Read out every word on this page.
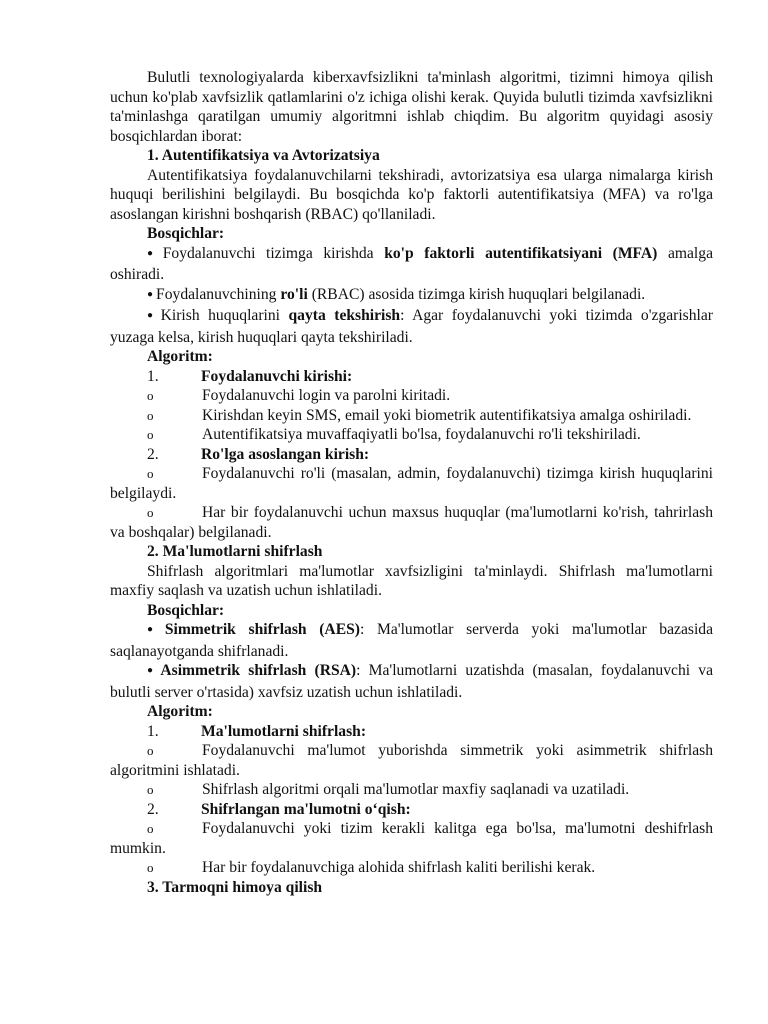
Bulutli texnologiyalarda kiberxavfsizlikni ta'minlash algoritmi, tizimni himoya qilish uchun ko'plab xavfsizlik qatlamlarini o'z ichiga olishi kerak. Quyida bulutli tizimda xavfsizlikni ta'minlashga qaratilgan umumiy algoritmni ishlab chiqdim. Bu algoritm quyidagi asosiy bosqichlardan iborat:

1. Autentifikatsiya va Avtorizatsiya

Autentifikatsiya foydalanuvchilarni tekshiradi, avtorizatsiya esa ularga nimalarga kirish huquqi berilishini belgilaydi. Bu bosqichda ko'p faktorli autentifikatsiya (MFA) va ro'lga asoslangan kirishni boshqarish (RBAC) qo'llaniladi.

Bosqichlar:

● Foydalanuvchi tizimga kirishda ko'p faktorli autentifikatsiyani (MFA) amalga oshiradi.

● Foydalanuvchining ro'li (RBAC) asosida tizimga kirish huquqlari belgilanadi.

● Kirish huquqlarini qayta tekshirish: Agar foydalanuvchi yoki tizimda o'zgarishlar yuzaga kelsa, kirish huquqlari qayta tekshiriladi.

Algoritm:

1.	Foydalanuvchi kirishi:

o	Foydalanuvchi login va parolni kiritadi.

o	Kirishdan keyin SMS, email yoki biometrik autentifikatsiya amalga oshiriladi.

o	Autentifikatsiya muvaffaqiyatli bo'lsa, foydalanuvchi ro'li tekshiriladi.

2.	Ro'lga asoslangan kirish:

o	Foydalanuvchi ro'li (masalan, admin, foydalanuvchi) tizimga kirish huquqlarini belgilaydi.

o	Har bir foydalanuvchi uchun maxsus huquqlar (ma'lumotlarni ko'rish, tahrirlash va boshqalar) belgilanadi.

2. Ma'lumotlarni shifrlash

Shifrlash algoritmlari ma'lumotlar xavfsizligini ta'minlaydi. Shifrlash ma'lumotlarni maxfiy saqlash va uzatish uchun ishlatiladi.

Bosqichlar:

● Simmetrik shifrlash (AES): Ma'lumotlar serverda yoki ma'lumotlar bazasida saqlanayotganda shifrlanadi.

● Asimmetrik shifrlash (RSA): Ma'lumotlarni uzatishda (masalan, foydalanuvchi va bulutli server o'rtasida) xavfsiz uzatish uchun ishlatiladi.

Algoritm:

1.	Ma'lumotlarni shifrlash:

o	Foydalanuvchi ma'lumot yuborishda simmetrik yoki asimmetrik shifrlash algoritmini ishlatadi.

o	Shifrlash algoritmi orqali ma'lumotlar maxfiy saqlanadi va uzatiladi.

2.	Shifrlangan ma'lumotni o‘qish:

o	Foydalanuvchi yoki tizim kerakli kalitga ega bo'lsa, ma'lumotni deshifrlash mumkin.

o	Har bir foydalanuvchiga alohida shifrlash kaliti berilishi kerak.

3. Tarmoqni himoya qilish
